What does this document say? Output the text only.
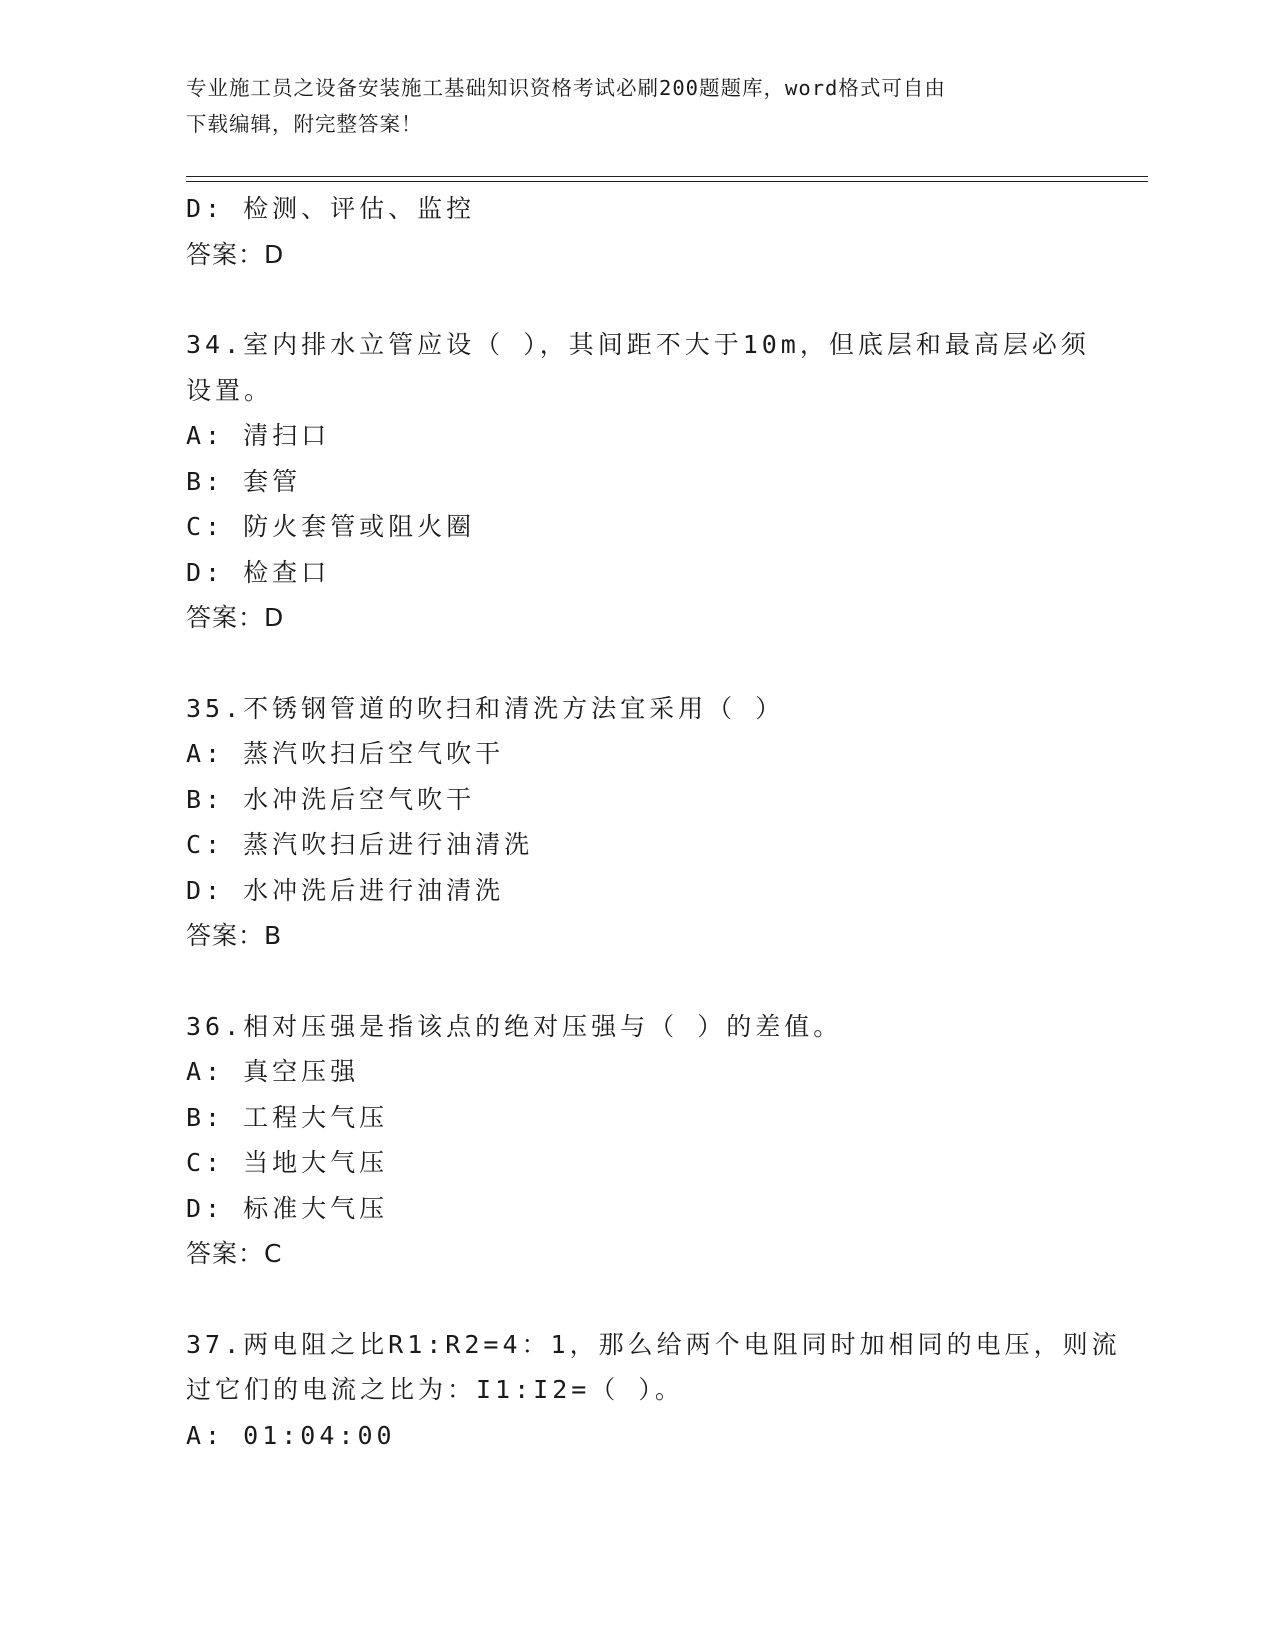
专业施工员之设备安装施工基础知识资格考试必刷200题题库，word格式可自由
下载编辑，附完整答案！
D: 检测、评估、监控
答案：D
34.室内排水立管应设（ ），其间距不大于10m，但底层和最高层必须
设置。
A: 清扫口
B: 套管
C: 防火套管或阻火圈
D: 检查口
答案：D
35.不锈钢管道的吹扫和清洗方法宜采用（ ）
A: 蒸汽吹扫后空气吹干
B: 水冲洗后空气吹干
C: 蒸汽吹扫后进行油清洗
D: 水冲洗后进行油清洗
答案：B
36.相对压强是指该点的绝对压强与（ ）的差值。
A: 真空压强
B: 工程大气压
C: 当地大气压
D: 标准大气压
答案：C
37.两电阻之比R1:R2=4：1，那么给两个电阻同时加相同的电压，则流
过它们的电流之比为：I1:I2=（ ）。
A: 01:04:00
